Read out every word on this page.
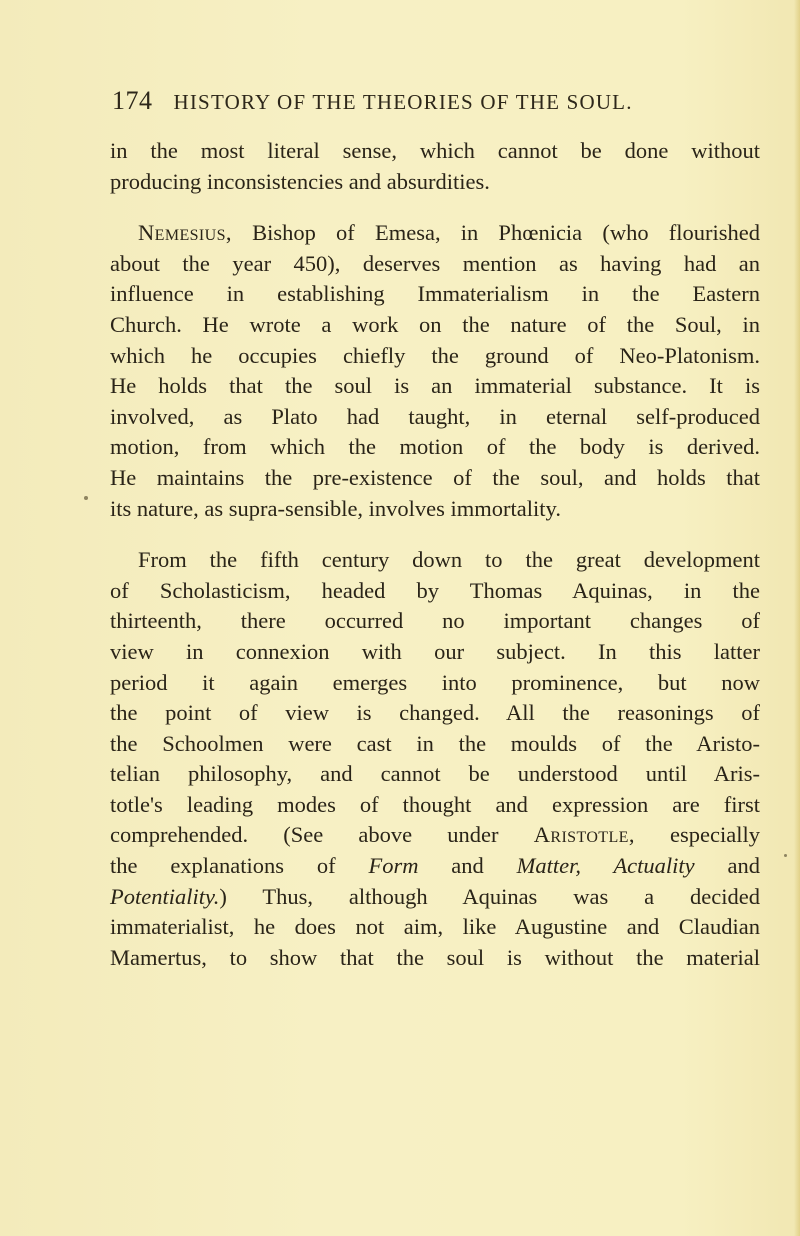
174 HISTORY OF THE THEORIES OF THE SOUL.
in the most literal sense, which cannot be done without
producing inconsistencies and absurdities.
Nemesius, Bishop of Emesa, in Phœnicia (who flourished
about the year 450), deserves mention as having had an
influence in establishing Immaterialism in the Eastern
Church. He wrote a work on the nature of the Soul, in
which he occupies chiefly the ground of Neo-Platonism.
He holds that the soul is an immaterial substance. It is
involved, as Plato had taught, in eternal self-produced
motion, from which the motion of the body is derived.
He maintains the pre-existence of the soul, and holds that
its nature, as supra-sensible, involves immortality.
From the fifth century down to the great development
of Scholasticism, headed by Thomas Aquinas, in the
thirteenth, there occurred no important changes of
view in connexion with our subject. In this latter
period it again emerges into prominence, but now
the point of view is changed. All the reasonings of
the Schoolmen were cast in the moulds of the Aristo-
telian philosophy, and cannot be understood until Aris-
totle's leading modes of thought and expression are first
comprehended. (See above under Aristotle, especially
the explanations of Form and Matter, Actuality and
Potentiality.) Thus, although Aquinas was a decided
immaterialist, he does not aim, like Augustine and Claudian
Mamertus, to show that the soul is without the material
